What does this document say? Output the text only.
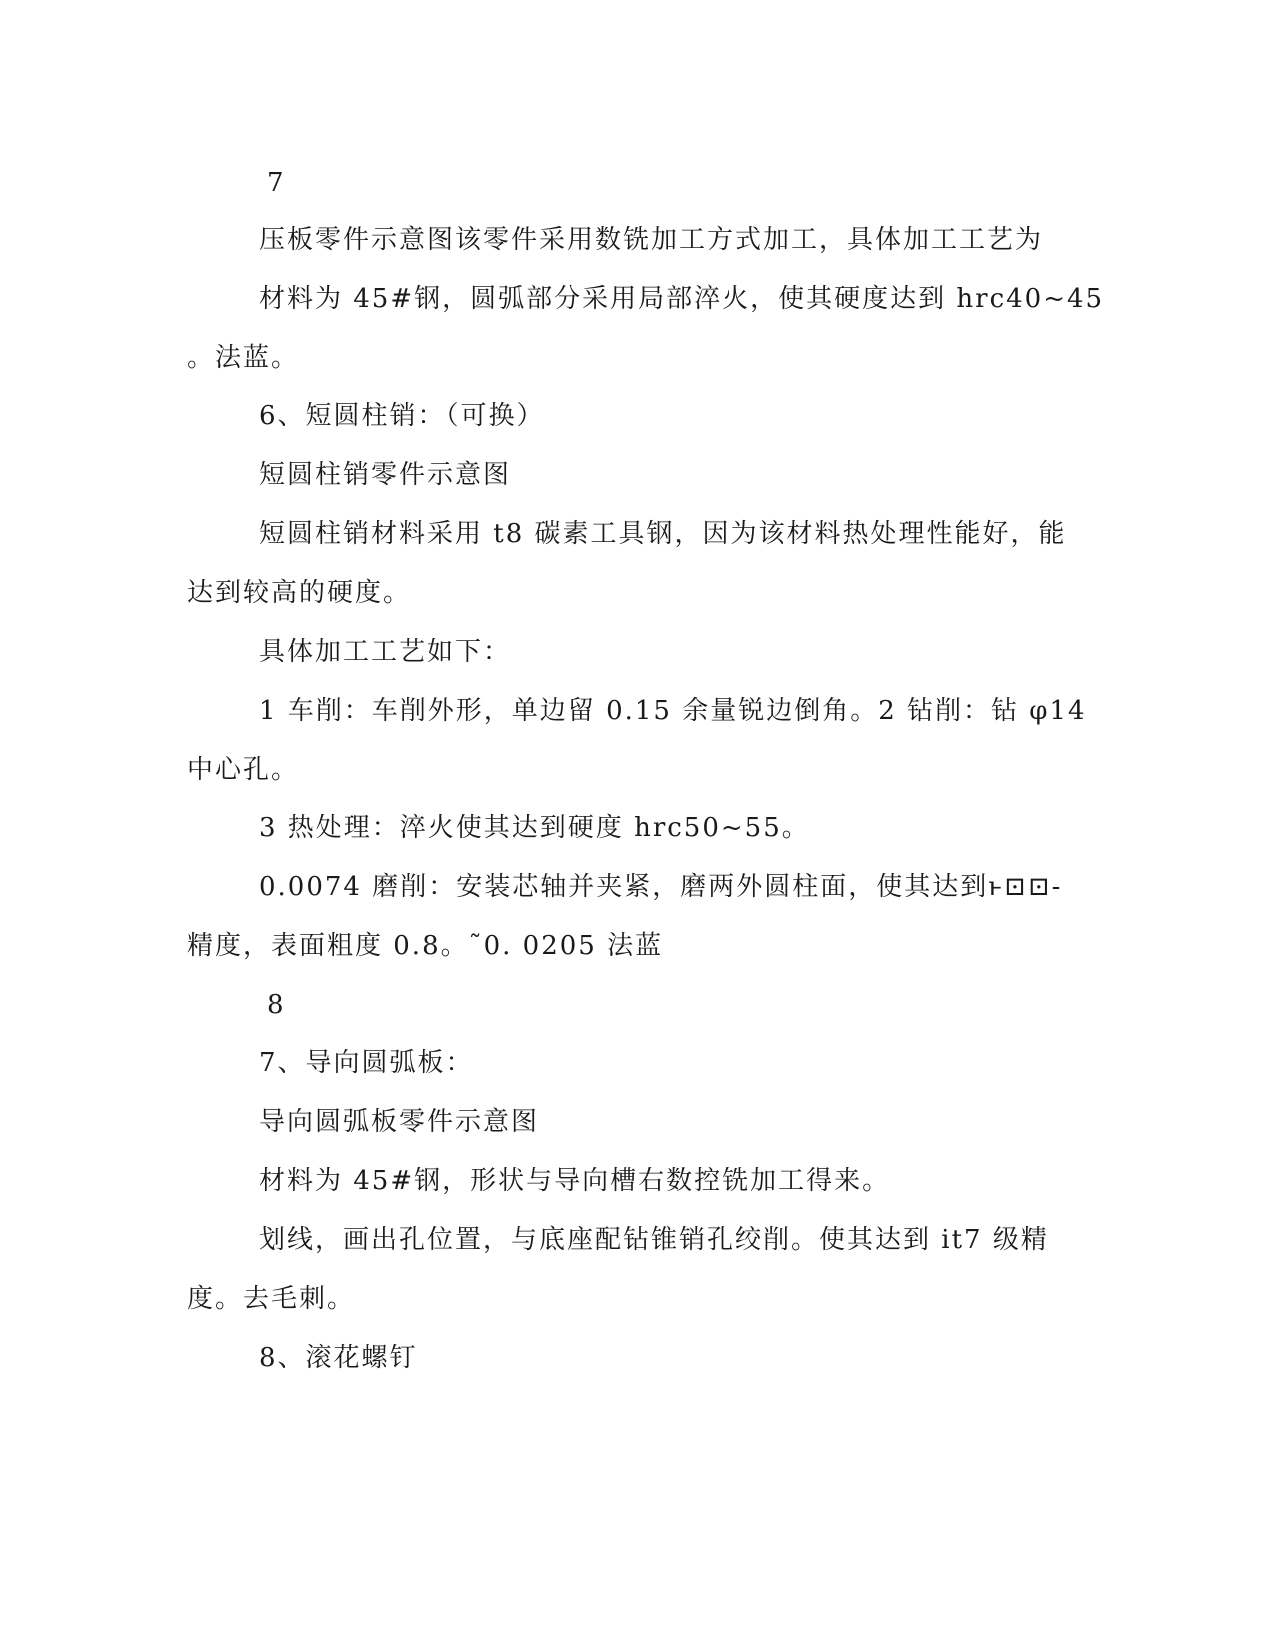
7
压板零件示意图该零件采用数铣加工方式加工，具体加工工艺为
材料为 45#钢，圆弧部分采用局部淬火，使其硬度达到 hrc40~45
。法蓝。
6、短圆柱销：（可换）
短圆柱销零件示意图
短圆柱销材料采用 t8 碳素工具钢，因为该材料热处理性能好，能
达到较高的硬度。
具体加工工艺如下：
1 车削：车削外形，单边留 0.15 余量锐边倒角。2 钻削：钻 φ14
中心孔。
3 热处理：淬火使其达到硬度 hrc50~55。
0.0074 磨削：安装芯轴并夹紧，磨两外圆柱面，使其达到ͱ⊡⊡-
精度，表面粗度 0.8。˜0. 0205 法蓝
8
7、导向圆弧板：
导向圆弧板零件示意图
材料为 45#钢，形状与导向槽右数控铣加工得来。
划线，画出孔位置，与底座配钻锥销孔绞削。使其达到 it7 级精
度。去毛刺。
8、滚花螺钉
